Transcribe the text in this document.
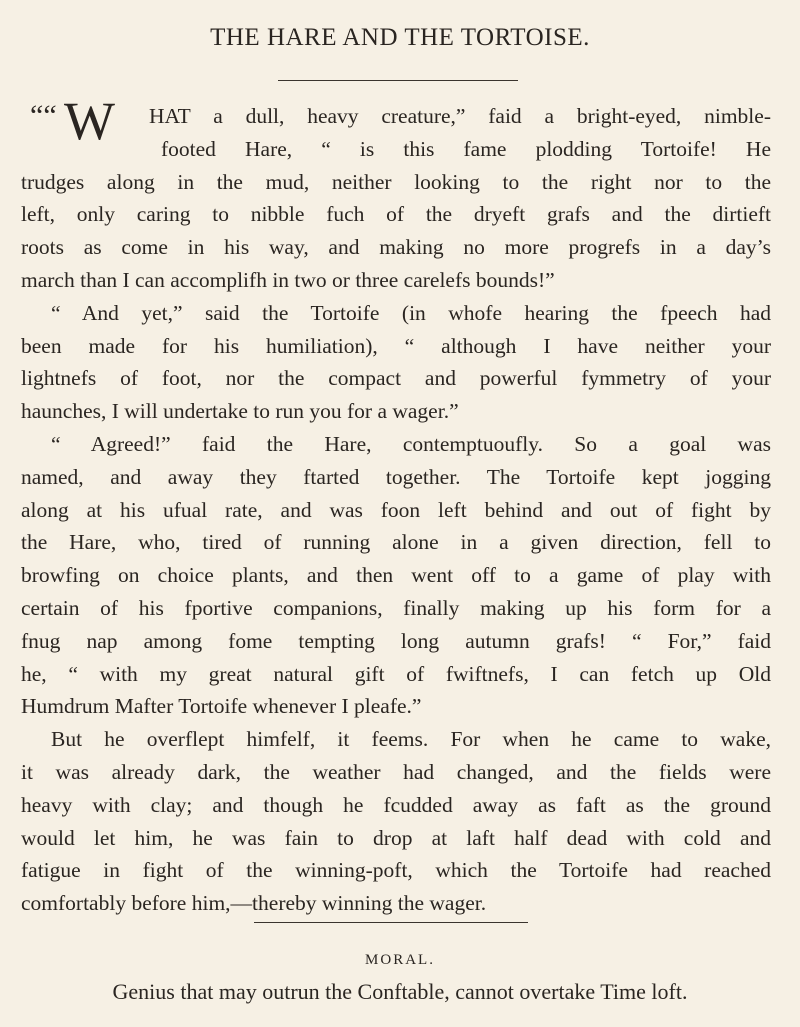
THE HARE AND THE TORTOISE.
““ W HAT a dull, heavy creature,” faid a bright-eyed, nimble-
footed Hare, “ is this fame plodding Tortoife! He
trudges along in the mud, neither looking to the right nor to the
left, only caring to nibble fuch of the dryeft grafs and the dirtieft
roots as come in his way, and making no more progrefs in a day’s
march than I can accomplifh in two or three carelefs bounds!”
“ And yet,” said the Tortoife (in whofe hearing the fpeech had
been made for his humiliation), “ although I have neither your
lightnefs of foot, nor the compact and powerful fymmetry of your
haunches, I will undertake to run you for a wager.”
“ Agreed!” faid the Hare, contemptuoufly. So a goal was
named, and away they ftarted together. The Tortoife kept jogging
along at his ufual rate, and was foon left behind and out of fight by
the Hare, who, tired of running alone in a given direction, fell to
browfing on choice plants, and then went off to a game of play with
certain of his fportive companions, finally making up his form for a
fnug nap among fome tempting long autumn grafs! “ For,” faid
he, “ with my great natural gift of fwiftnefs, I can fetch up Old
Humdrum Mafter Tortoife whenever I pleafe.”
But he overflept himfelf, it feems. For when he came to wake,
it was already dark, the weather had changed, and the fields were
heavy with clay; and though he fcudded away as faft as the ground
would let him, he was fain to drop at laft half dead with cold and
fatigue in fight of the winning-poft, which the Tortoife had reached
comfortably before him,—thereby winning the wager.
MORAL.
Genius that may outrun the Conftable, cannot overtake Time loft.
